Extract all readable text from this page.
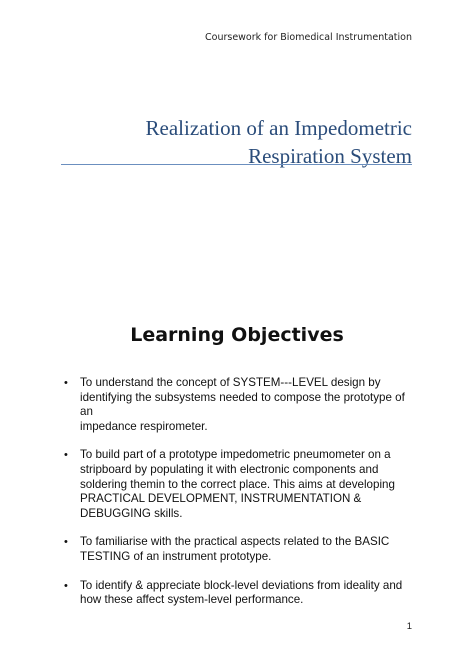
Coursework for Biomedical Instrumentation
Realization of an Impedometric
Respiration System
Learning Objectives
• To understand the concept of SYSTEM---LEVEL design by
identifying the subsystems needed to compose the prototype of an
impedance respirometer.
• To build part of a prototype impedometric pneumometer on a
stripboard by populating it with electronic components and
soldering themin to the correct place. This aims at developing
PRACTICAL DEVELOPMENT, INSTRUMENTATION &
DEBUGGING skills.
• To familiarise with the practical aspects related to the BASIC
TESTING of an instrument prototype.
• To identify & appreciate block-level deviations from ideality and
how these affect system-level performance.
1
